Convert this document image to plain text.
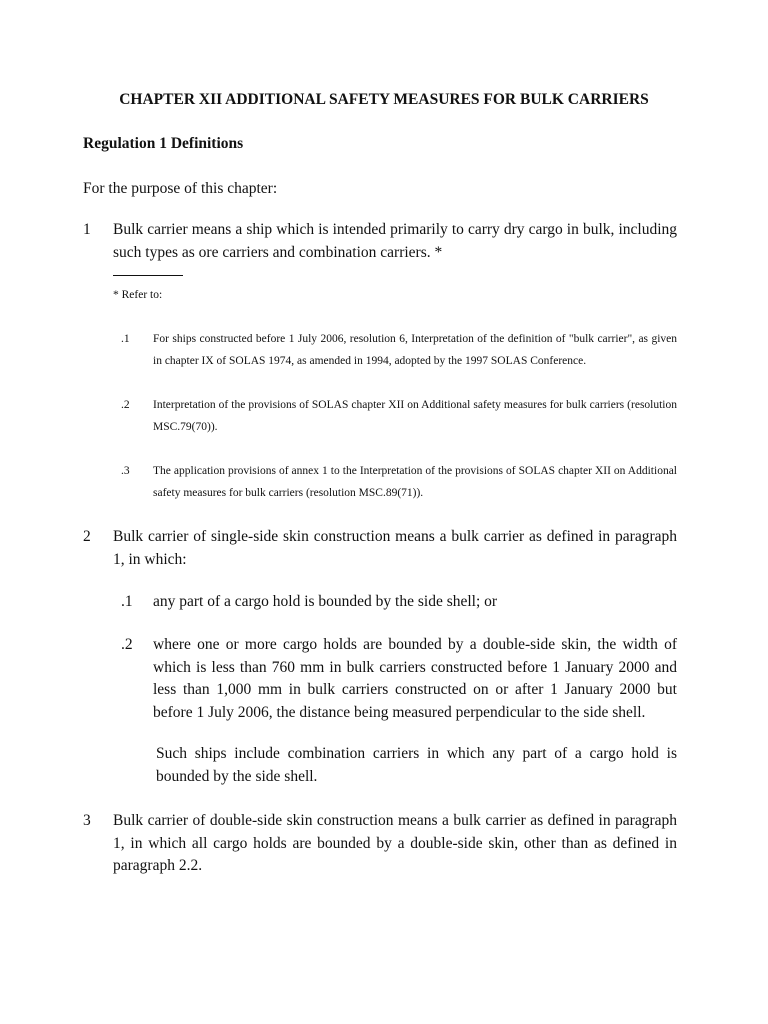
CHAPTER XII ADDITIONAL SAFETY MEASURES FOR BULK CARRIERS
Regulation 1 Definitions
For the purpose of this chapter:
1 Bulk carrier means a ship which is intended primarily to carry dry cargo in bulk, including such types as ore carriers and combination carriers. *
* Refer to:
.1 For ships constructed before 1 July 2006, resolution 6, Interpretation of the definition of "bulk carrier", as given in chapter IX of SOLAS 1974, as amended in 1994, adopted by the 1997 SOLAS Conference.
.2 Interpretation of the provisions of SOLAS chapter XII on Additional safety measures for bulk carriers (resolution MSC.79(70)).
.3 The application provisions of annex 1 to the Interpretation of the provisions of SOLAS chapter XII on Additional safety measures for bulk carriers (resolution MSC.89(71)).
2 Bulk carrier of single-side skin construction means a bulk carrier as defined in paragraph 1, in which:
.1 any part of a cargo hold is bounded by the side shell; or
.2 where one or more cargo holds are bounded by a double-side skin, the width of which is less than 760 mm in bulk carriers constructed before 1 January 2000 and less than 1,000 mm in bulk carriers constructed on or after 1 January 2000 but before 1 July 2006, the distance being measured perpendicular to the side shell.
Such ships include combination carriers in which any part of a cargo hold is bounded by the side shell.
3 Bulk carrier of double-side skin construction means a bulk carrier as defined in paragraph 1, in which all cargo holds are bounded by a double-side skin, other than as defined in paragraph 2.2.
